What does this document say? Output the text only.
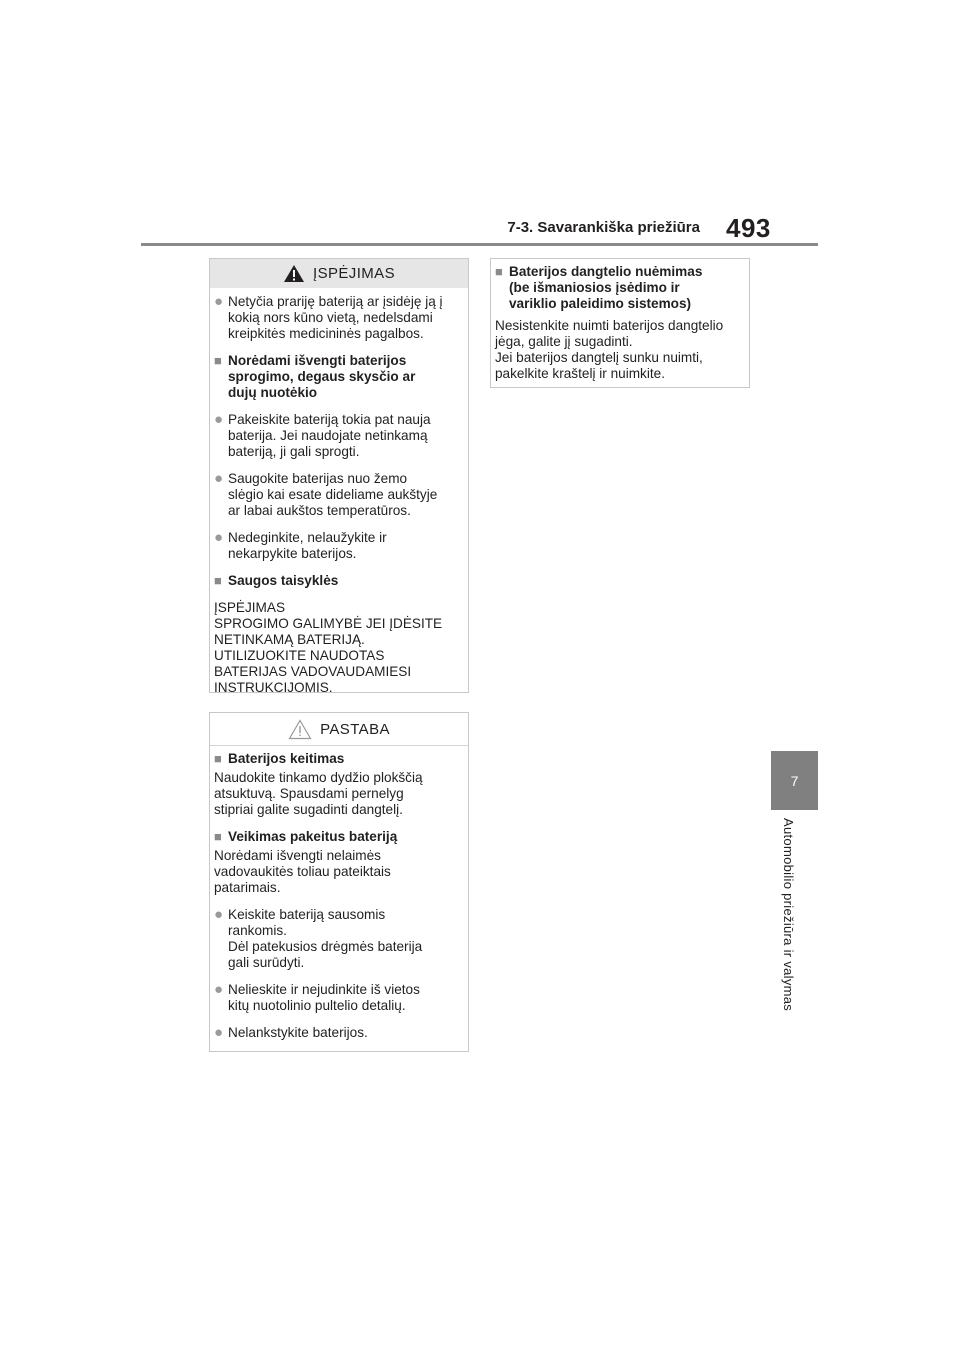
7-3. Savarankiška priežiūra 493
7
Automobilio priežiūra ir valymas
ĮSPĖJIMAS
● Netyčia prariję bateriją ar įsidėję ją į
kokią nors kūno vietą, nedelsdami
kreipkitės medicininės pagalbos.
■ Norėdami išvengti baterijos
sprogimo, degaus skysčio ar
dujų nuotėkio
● Pakeiskite bateriją tokia pat nauja
baterija. Jei naudojate netinkamą
bateriją, ji gali sprogti.
● Saugokite baterijas nuo žemo
slėgio kai esate dideliame aukštyje
ar labai aukštos temperatūros.
● Nedeginkite, nelaužykite ir
nekarpykite baterijos.
■ Saugos taisyklės
ĮSPĖJIMAS
SPROGIMO GALIMYBĖ JEI ĮDĖSITE
NETINKAMĄ BATERIJĄ.
UTILIZUOKITE NAUDOTAS
BATERIJAS VADOVAUDAMIESI
INSTRUKCIJOMIS.
PASTABA
■ Baterijos keitimas
Naudokite tinkamo dydžio plokščią
atsuktuvą. Spausdami pernelyg
stipriai galite sugadinti dangtelį.
■ Veikimas pakeitus bateriją
Norėdami išvengti nelaimės
vadovaukitės toliau pateiktais
patarimais.
● Keiskite bateriją sausomis
rankomis.
Dėl patekusios drėgmės baterija
gali surūdyti.
● Nelieskite ir nejudinkite iš vietos
kitų nuotolinio pultelio detalių.
● Nelankstykite baterijos.
■ Baterijos dangtelio nuėmimas
(be išmaniosios įsėdimo ir
variklio paleidimo sistemos)
Nesistenkite nuimti baterijos dangtelio
jėga, galite jį sugadinti.
Jei baterijos dangtelį sunku nuimti,
pakelkite kraštelį ir nuimkite.
